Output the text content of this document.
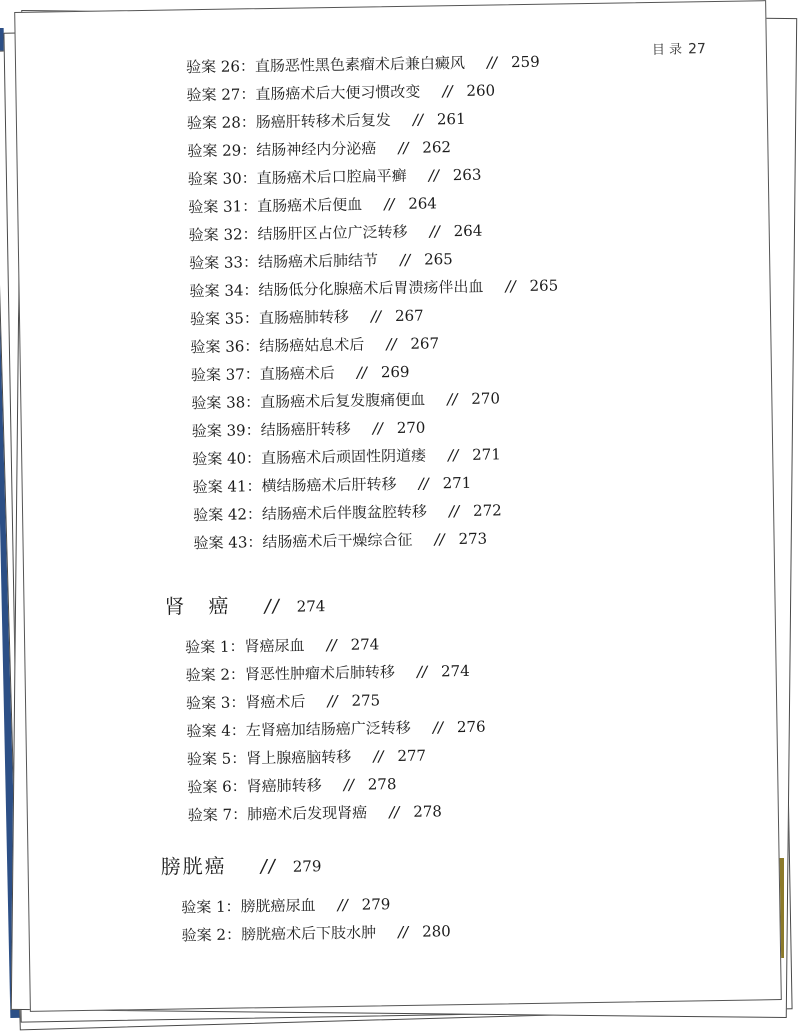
目 录 27
验案 26：直肠恶性黑色素瘤术后兼白癜风 // 259
验案 27：直肠癌术后大便习惯改变 // 260
验案 28：肠癌肝转移术后复发 // 261
验案 29：结肠神经内分泌癌 // 262
验案 30：直肠癌术后口腔扁平癣 // 263
验案 31：直肠癌术后便血 // 264
验案 32：结肠肝区占位广泛转移 // 264
验案 33：结肠癌术后肺结节 // 265
验案 34：结肠低分化腺癌术后胃溃疡伴出血 // 265
验案 35：直肠癌肺转移 // 267
验案 36：结肠癌姑息术后 // 267
验案 37：直肠癌术后 // 269
验案 38：直肠癌术后复发腹痛便血 // 270
验案 39：结肠癌肝转移 // 270
验案 40：直肠癌术后顽固性阴道瘘 // 271
验案 41：横结肠癌术后肝转移 // 271
验案 42：结肠癌术后伴腹盆腔转移 // 272
验案 43：结肠癌术后干燥综合征 // 273
肾　癌 // 274
验案 1：肾癌尿血 // 274
验案 2：肾恶性肿瘤术后肺转移 // 274
验案 3：肾癌术后 // 275
验案 4：左肾癌加结肠癌广泛转移 // 276
验案 5：肾上腺癌脑转移 // 277
验案 6：肾癌肺转移 // 278
验案 7：肺癌术后发现肾癌 // 278
膀胱癌 // 279
验案 1：膀胱癌尿血 // 279
验案 2：膀胱癌术后下肢水肿 // 280
